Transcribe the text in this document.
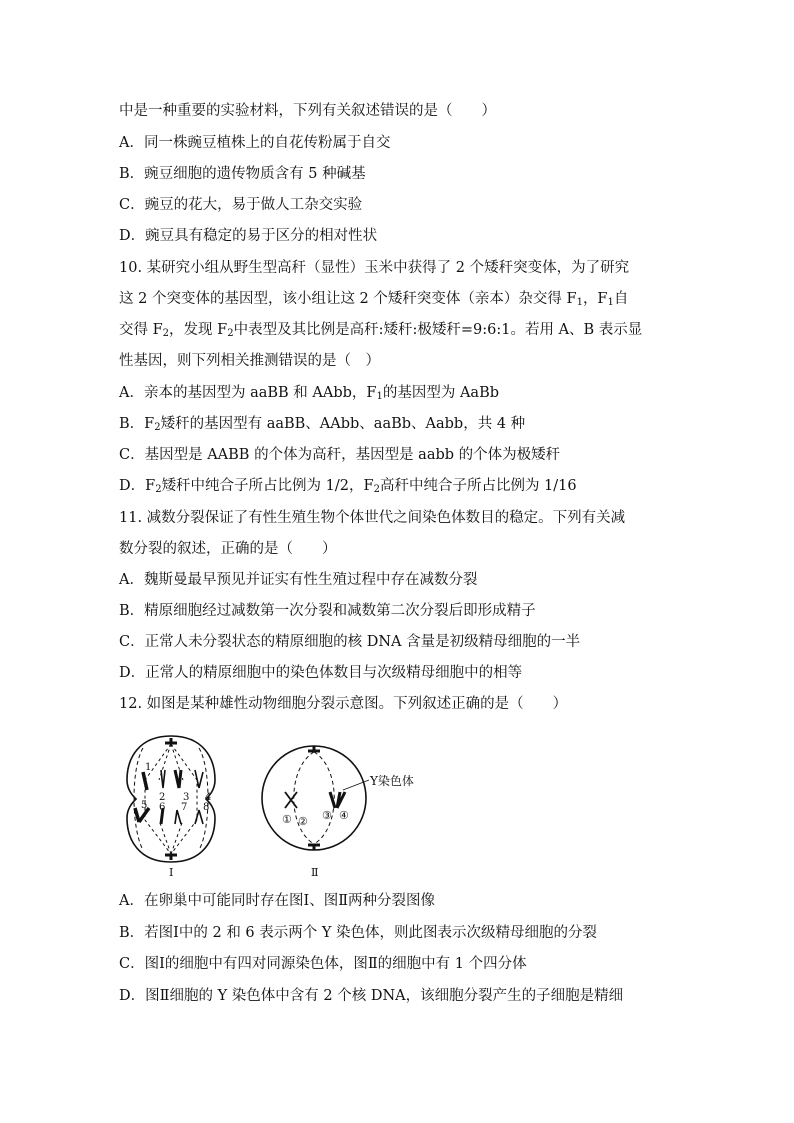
中是一种重要的实验材料，下列有关叙述错误的是（　　）
A．同一株豌豆植株上的自花传粉属于自交
B．豌豆细胞的遗传物质含有 5 种碱基
C．豌豆的花大，易于做人工杂交实验
D．豌豆具有稳定的易于区分的相对性状
10. 某研究小组从野生型高秆（显性）玉米中获得了 2 个矮秆突变体，为了研究
这 2 个突变体的基因型，该小组让这 2 个矮秆突变体（亲本）杂交得 $F_1$，$F_1$自
交得 $F_2$，发现 $F_2$中表型及其比例是高秆:矮秆:极矮秆=9:6:1。若用 A、B 表示显
性基因，则下列相关推测错误的是（　）
A．亲本的基因型为 aaBB 和 AAbb，$F_1$的基因型为 AaBb
B．$F_2$矮秆的基因型有 aaBB、AAbb、aaBb、Aabb，共 4 种
C．基因型是 AABB 的个体为高秆，基因型是 aabb 的个体为极矮秆
D．$F_2$矮秆中纯合子所占比例为 1/2，$F_2$高秆中纯合子所占比例为 1/16
11. 减数分裂保证了有性生殖生物个体世代之间染色体数目的稳定。下列有关减
数分裂的叙述，正确的是（　　）
A．魏斯曼最早预见并证实有性生殖过程中存在减数分裂
B．精原细胞经过减数第一次分裂和减数第二次分裂后即形成精子
C．正常人未分裂状态的精原细胞的核 DNA 含量是初级精母细胞的一半
D．正常人的精原细胞中的染色体数目与次级精母细胞中的相等
12. 如图是某种雄性动物细胞分裂示意图。下列叙述正确的是（　　）
1
2 3 4
5 6 7 8
Ⅰ
① ② ③ ④
Y染色体
Ⅱ
A．在卵巢中可能同时存在图Ⅰ、图Ⅱ两种分裂图像
B．若图Ⅰ中的 2 和 6 表示两个 Y 染色体，则此图表示次级精母细胞的分裂
C．图Ⅰ的细胞中有四对同源染色体，图Ⅱ的细胞中有 1 个四分体
D．图Ⅱ细胞的 Y 染色体中含有 2 个核 DNA，该细胞分裂产生的子细胞是精细
